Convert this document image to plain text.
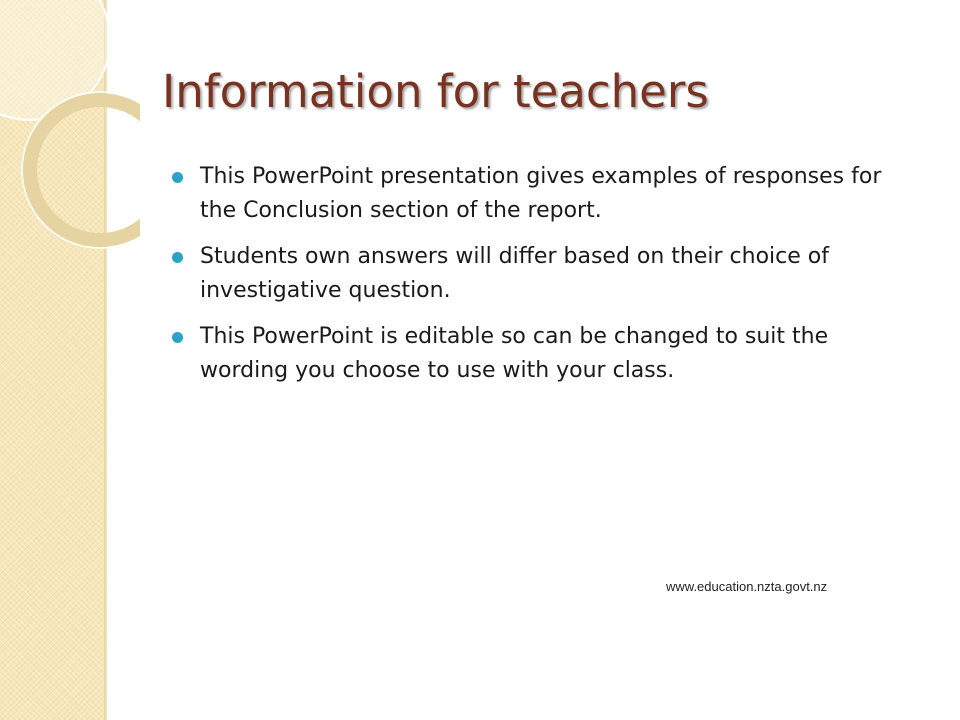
Information for teachers
This PowerPoint presentation gives examples of responses for the Conclusion section of the report.
Students own answers will differ based on their choice of investigative question.
This PowerPoint is editable so can be changed to suit the wording you choose to use with your class.
www.education.nzta.govt.nz
